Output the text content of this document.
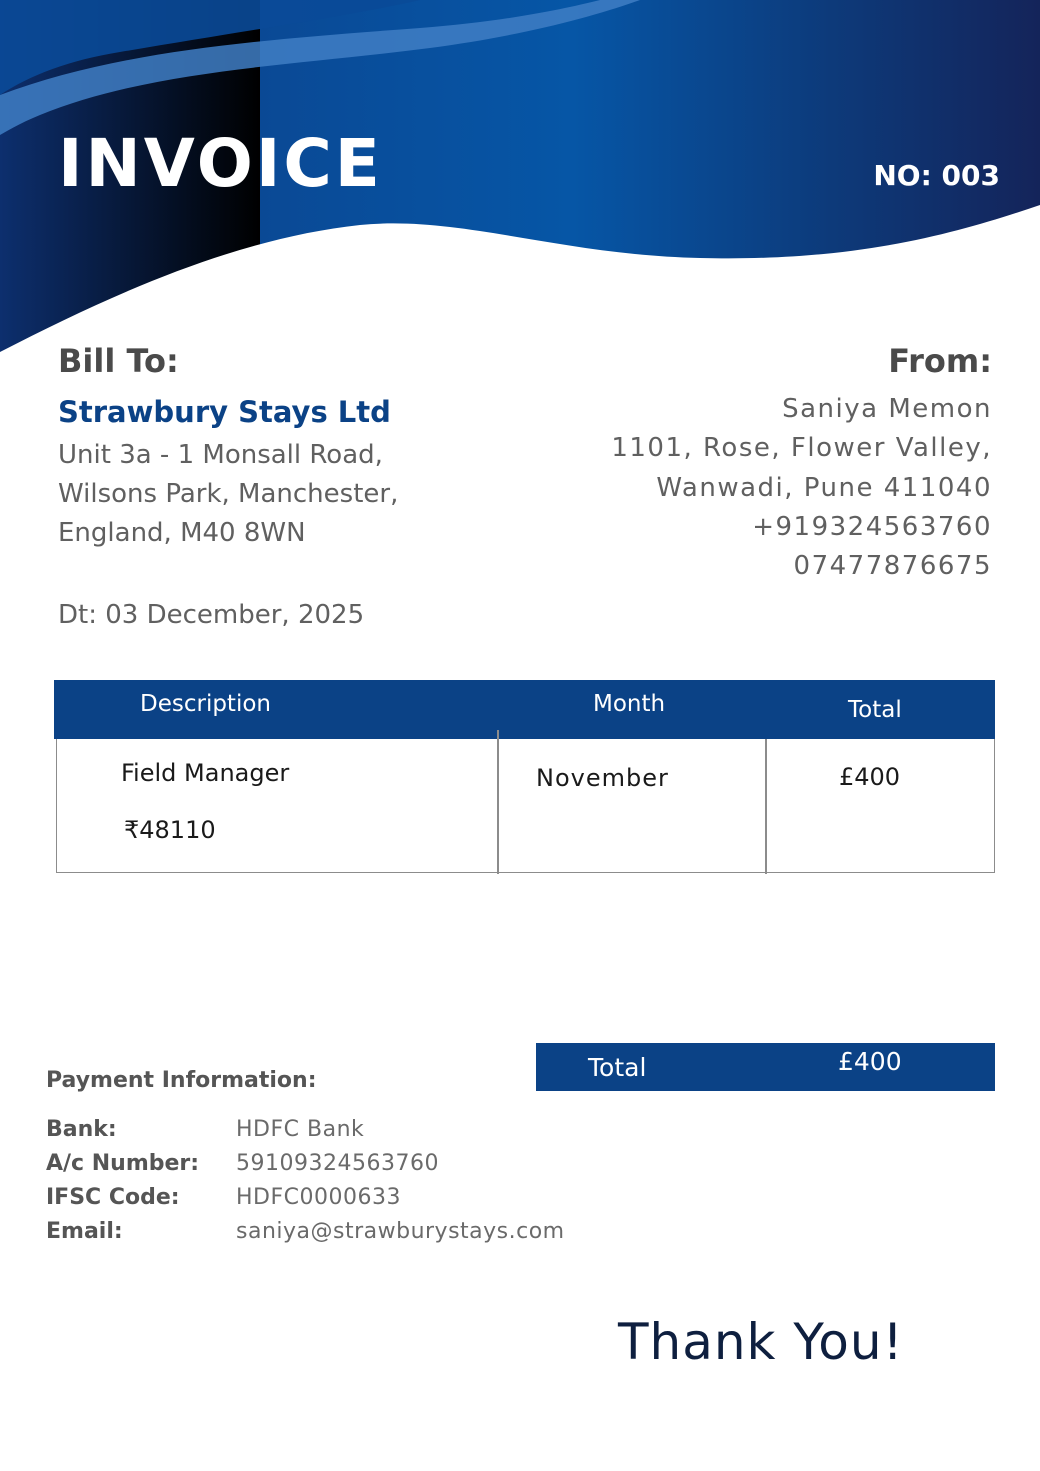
INVOICE	NO: 003
Bill To:
Strawbury Stays Ltd
Unit 3a - 1 Monsall Road,
Wilsons Park, Manchester,
England, M40 8WN
Dt: 03 December, 2025
From:
Saniya Memon
1101, Rose, Flower Valley,
Wanwadi, Pune 411040
+919324563760
07477876675
Description	Month	Total
Field Manager
₹48110
November	£400
Total	£400
Payment Information:
Bank:	HDFC Bank
A/c Number: 59109324563760
IFSC Code:	HDFC0000633
Email:	saniya@strawburystays.com
Thank You!
